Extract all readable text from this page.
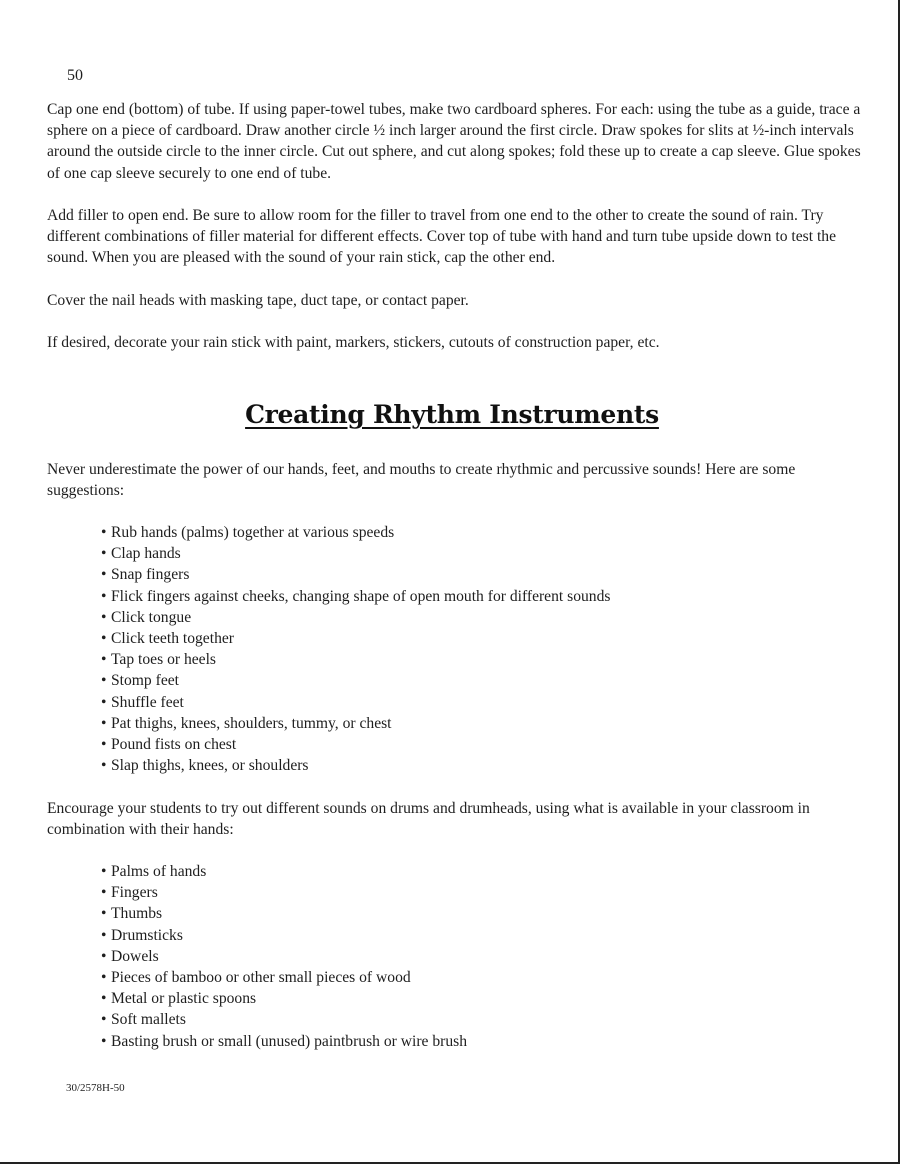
50

Cap one end (bottom) of tube. If using paper-towel tubes, make two cardboard spheres. For each: using the tube as a guide, trace a sphere on a piece of cardboard. Draw another circle ½ inch larger around the first circle. Draw spokes for slits at ½-inch intervals around the outside circle to the inner circle. Cut out sphere, and cut along spokes; fold these up to create a cap sleeve. Glue spokes of one cap sleeve securely to one end of tube.

Add filler to open end. Be sure to allow room for the filler to travel from one end to the other to create the sound of rain. Try different combinations of filler material for different effects. Cover top of tube with hand and turn tube upside down to test the sound. When you are pleased with the sound of your rain stick, cap the other end.

Cover the nail heads with masking tape, duct tape, or contact paper.

If desired, decorate your rain stick with paint, markers, stickers, cutouts of construction paper, etc.

Creating Rhythm Instruments

Never underestimate the power of our hands, feet, and mouths to create rhythmic and percussive sounds! Here are some suggestions:

• Rub hands (palms) together at various speeds
• Clap hands
• Snap fingers
• Flick fingers against cheeks, changing shape of open mouth for different sounds
• Click tongue
• Click teeth together
• Tap toes or heels
• Stomp feet
• Shuffle feet
• Pat thighs, knees, shoulders, tummy, or chest
• Pound fists on chest
• Slap thighs, knees, or shoulders

Encourage your students to try out different sounds on drums and drumheads, using what is available in your classroom in combination with their hands:

• Palms of hands
• Fingers
• Thumbs
• Drumsticks
• Dowels
• Pieces of bamboo or other small pieces of wood
• Metal or plastic spoons
• Soft mallets
• Basting brush or small (unused) paintbrush or wire brush
30/2578H-50
